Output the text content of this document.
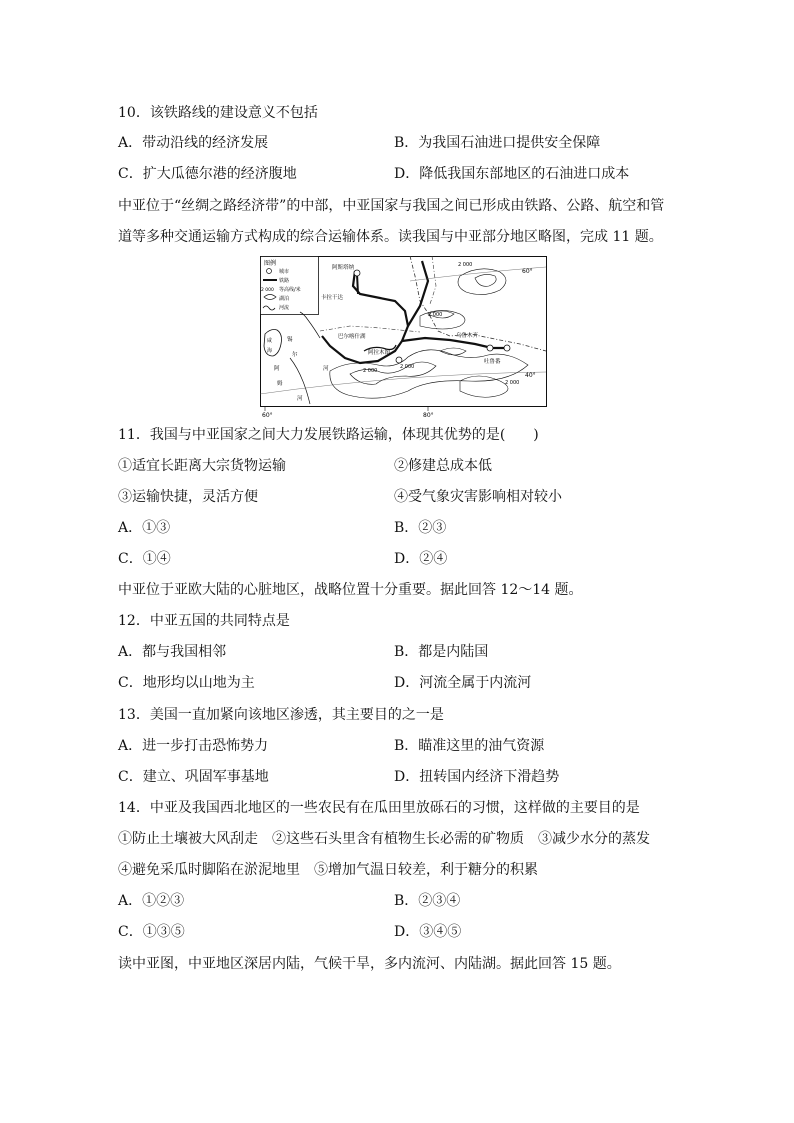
10．该铁路线的建设意义不包括
A．带动沿线的经济发展	B．为我国石油进口提供安全保障
C．扩大瓜德尔港的经济腹地	D．降低我国东部地区的石油进口成本
中亚位于“丝绸之路经济带”的中部，中亚国家与我国之间已形成由铁路、公路、航空和管
道等多种交通运输方式构成的综合运输体系。读我国与中亚部分地区略图，完成 11 题。
图例
城市
铁路
2 000 等高线/米
湖泊
河流
咸
海
阿斯塔纳
卡拉干达
乌鲁木齐
吐鲁番
阿拉木图
巴尔喀什湖
锡
尔
河
阿
姆
河
2 000
2 000
2 000
2 000
2 000
60°
40°
60°	80°
11．我国与中亚国家之间大力发展铁路运输，体现其优势的是(　　)
①适宜长距离大宗货物运输	②修建总成本低
③运输快捷，灵活方便	④受气象灾害影响相对较小
A．①③	B．②③
C．①④	D．②④
中亚位于亚欧大陆的心脏地区，战略位置十分重要。据此回答 12～14 题。
12．中亚五国的共同特点是
A．都与我国相邻	B．都是内陆国
C．地形均以山地为主	D．河流全属于内流河
13．美国一直加紧向该地区渗透，其主要目的之一是
A．进一步打击恐怖势力	B．瞄准这里的油气资源
C．建立、巩固军事基地	D．扭转国内经济下滑趋势
14．中亚及我国西北地区的一些农民有在瓜田里放砾石的习惯，这样做的主要目的是
①防止土壤被大风刮走　②这些石头里含有植物生长必需的矿物质　③减少水分的蒸发
④避免采瓜时脚陷在淤泥地里　⑤增加气温日较差，利于糖分的积累
A．①②③	B．②③④
C．①③⑤	D．③④⑤
读中亚图，中亚地区深居内陆，气候干旱，多内流河、内陆湖。据此回答 15 题。
